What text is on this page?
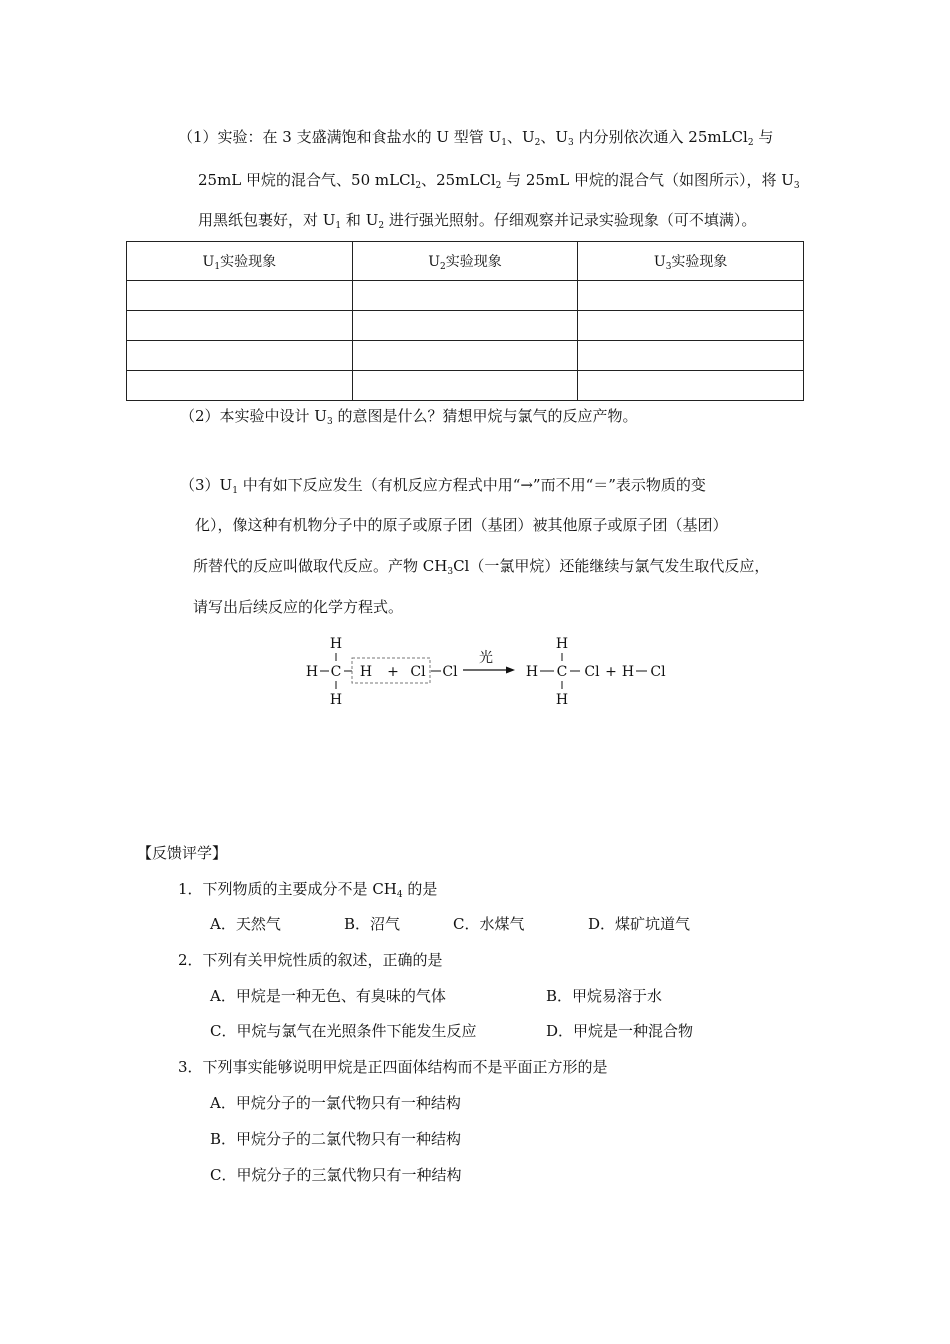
（1）实验：在 3 支盛满饱和食盐水的 U 型管 $U_1$、$U_2$、$U_3$ 内分别依次通入 25mLCl$_2$ 与
25mL 甲烷的混合气、50 mLCl$_2$、25mLCl$_2$ 与 25mL 甲烷的混合气（如图所示），将 $U_3$
用黑纸包裹好，对 $U_1$ 和 $U_2$ 进行强光照射。仔细观察并记录实验现象（可不填满）。
$U_1$实验现象	$U_2$实验现象	$U_3$实验现象

（2）本实验中设计 $U_3$ 的意图是什么？猜想甲烷与氯气的反应产物。
$(3)U_1$ 中有如下反应发生（有机反应方程式中用“→”而不用“＝”表示物质的变
化），像这种有机物分子中的原子或原子团（基团）被其他原子或原子团（基团）
所替代的反应叫做取代反应。产物 $CH_3Cl$（一氯甲烷）还能继续与氯气发生取代反应，
请写出后续反应的化学方程式。
H
H C
H
H + Cl Cl
光
H
H C Cl
H
+ H Cl
【反馈评学】
1．下列物质的主要成分不是 $CH_4$ 的是
A．天然气	B．沼气	C．水煤气	D．煤矿坑道气
2．下列有关甲烷性质的叙述，正确的是
A．甲烷是一种无色、有臭味的气体	B．甲烷易溶于水
C．甲烷与氯气在光照条件下能发生反应	D．甲烷是一种混合物
3．下列事实能够说明甲烷是正四面体结构而不是平面正方形的是
A．甲烷分子的一氯代物只有一种结构
B．甲烷分子的二氯代物只有一种结构
C．甲烷分子的三氯代物只有一种结构
